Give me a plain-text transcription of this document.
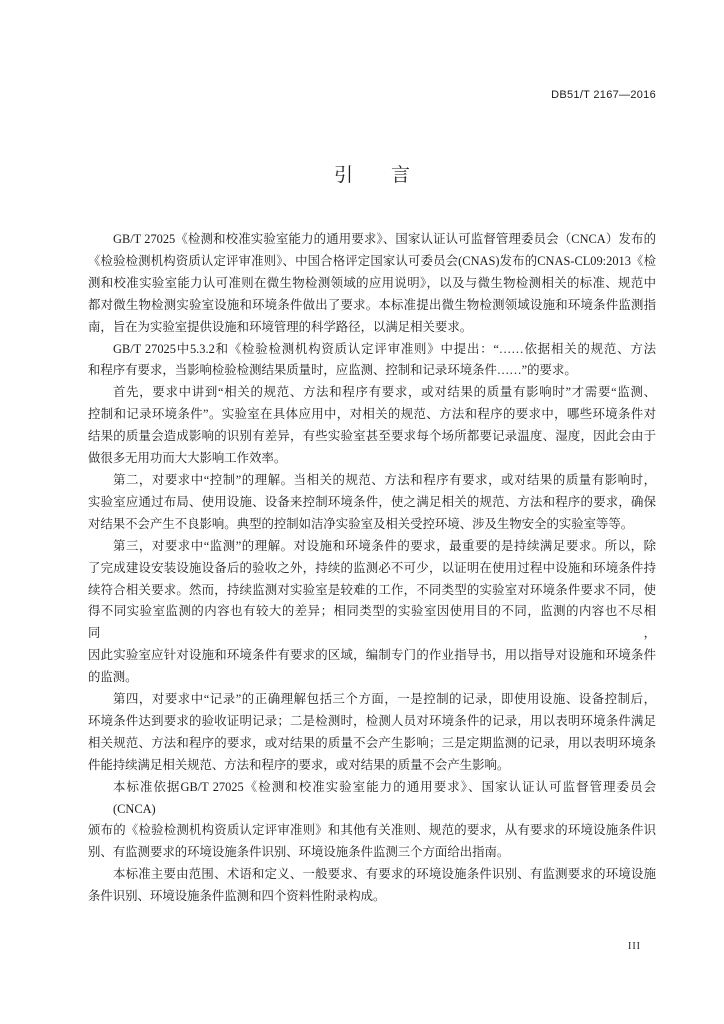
DB51/T 2167—2016
引　　言
GB/T 27025《检测和校准实验室能力的通用要求》、国家认证认可监督管理委员会（CNCA）发布的
《检验检测机构资质认定评审准则》、中国合格评定国家认可委员会(CNAS)发布的CNAS-CL09:2013《检
测和校准实验室能力认可准则在微生物检测领域的应用说明》，以及与微生物检测相关的标准、规范中
都对微生物检测实验室设施和环境条件做出了要求。本标准提出微生物检测领域设施和环境条件监测指
南，旨在为实验室提供设施和环境管理的科学路径，以满足相关要求。
GB/T 27025中5.3.2和《检验检测机构资质认定评审准则》中提出：“……依据相关的规范、方法
和程序有要求，当影响检验检测结果质量时，应监测、控制和记录环境条件……”的要求。
首先，要求中讲到“相关的规范、方法和程序有要求，或对结果的质量有影响时”才需要“监测、
控制和记录环境条件”。实验室在具体应用中，对相关的规范、方法和程序的要求中，哪些环境条件对
结果的质量会造成影响的识别有差异，有些实验室甚至要求每个场所都要记录温度、湿度，因此会由于
做很多无用功而大大影响工作效率。
第二，对要求中“控制”的理解。当相关的规范、方法和程序有要求，或对结果的质量有影响时，
实验室应通过布局、使用设施、设备来控制环境条件，使之满足相关的规范、方法和程序的要求，确保
对结果不会产生不良影响。典型的控制如洁净实验室及相关受控环境、涉及生物安全的实验室等等。
第三，对要求中“监测”的理解。对设施和环境条件的要求，最重要的是持续满足要求。所以，除
了完成建设安装设施设备后的验收之外，持续的监测必不可少，以证明在使用过程中设施和环境条件持
续符合相关要求。然而，持续监测对实验室是较难的工作，不同类型的实验室对环境条件要求不同，使
得不同实验室监测的内容也有较大的差异；相同类型的实验室因使用目的不同，监测的内容也不尽相同，
因此实验室应针对设施和环境条件有要求的区域，编制专门的作业指导书，用以指导对设施和环境条件
的监测。
第四，对要求中“记录”的正确理解包括三个方面，一是控制的记录，即使用设施、设备控制后，
环境条件达到要求的验收证明记录；二是检测时，检测人员对环境条件的记录，用以表明环境条件满足
相关规范、方法和程序的要求，或对结果的质量不会产生影响；三是定期监测的记录，用以表明环境条
件能持续满足相关规范、方法和程序的要求，或对结果的质量不会产生影响。
本标准依据GB/T 27025《检测和校准实验室能力的通用要求》、国家认证认可监督管理委员会(CNCA)
颁布的《检验检测机构资质认定评审准则》和其他有关准则、规范的要求，从有要求的环境设施条件识
别、有监测要求的环境设施条件识别、环境设施条件监测三个方面给出指南。
本标准主要由范围、术语和定义、一般要求、有要求的环境设施条件识别、有监测要求的环境设施
条件识别、环境设施条件监测和四个资料性附录构成。
III
